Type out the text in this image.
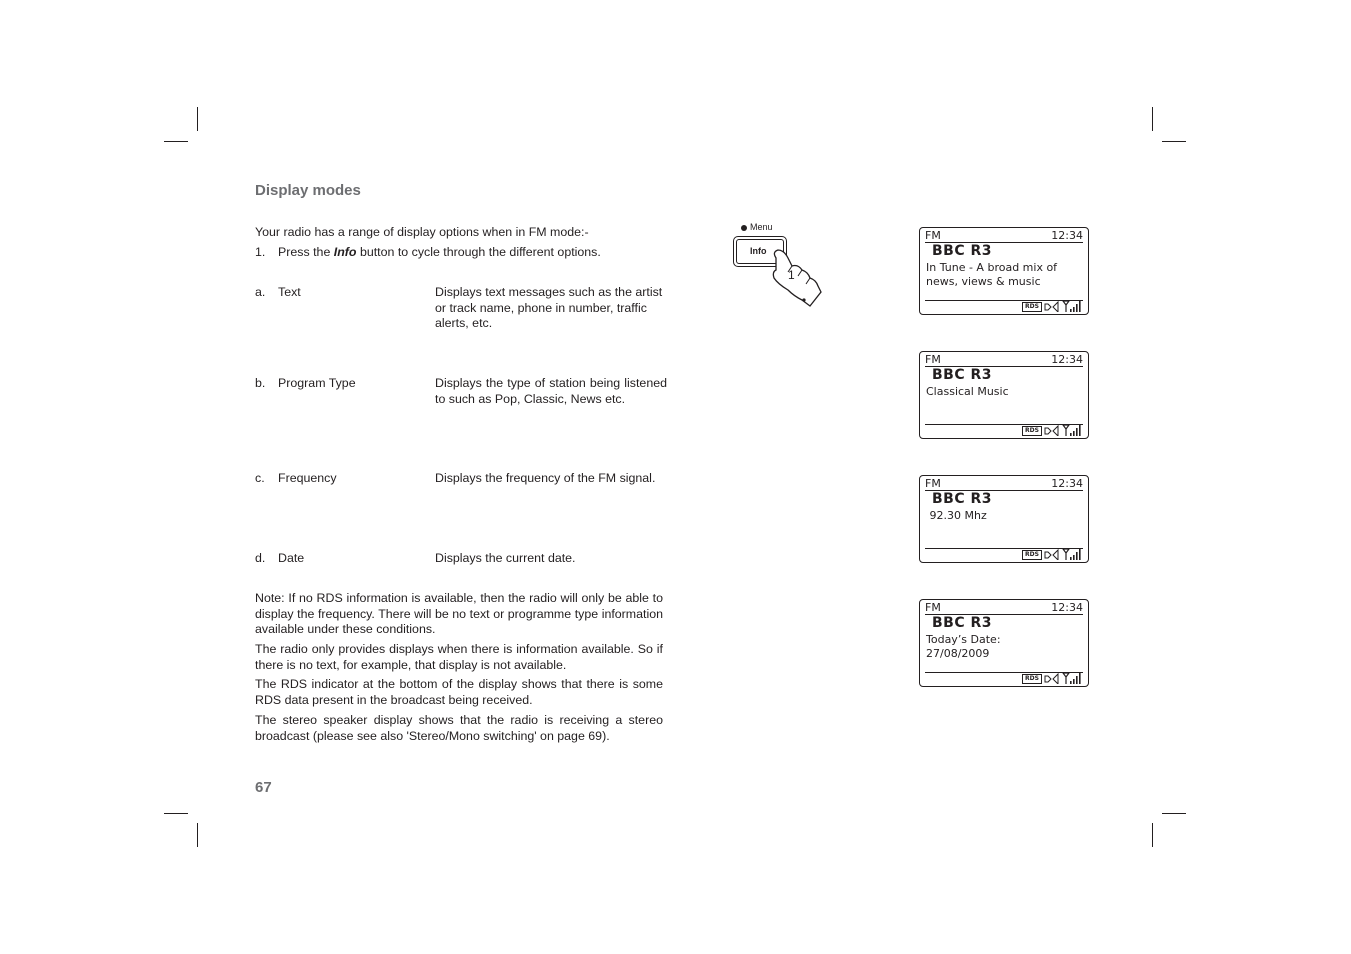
Display modes

Your radio has a range of display options when in FM mode:-

1. Press the Info button to cycle through the different options.
a. Text	Displays text messages such as the artist or track name, phone in number, traffic alerts, etc.
b. Program Type	Displays the type of station being listened to such as Pop, Classic, News etc.
c. Frequency	Displays the frequency of the FM signal.
d. Date	Displays the current date.

Note: If no RDS information is available, then the radio will only be able to display the frequency. There will be no text or programme type information available under these conditions.

The radio only provides displays when there is information available. So if there is no text, for example, that display is not available.

The RDS indicator at the bottom of the display shows that there is some RDS data present in the broadcast being received.

The stereo speaker display shows that the radio is receiving a stereo broadcast (please see also 'Stereo/Mono switching' on page 69).

67
Menu
Info
1
FM	12:34
BBC R3
In Tune - A broad mix of
news, views & music
RDS
FM	12:34
BBC R3
Classical Music
RDS
FM	12:34
BBC R3
92.30 Mhz
RDS
FM	12:34
BBC R3
Today’s Date:
27/08/2009
RDS
